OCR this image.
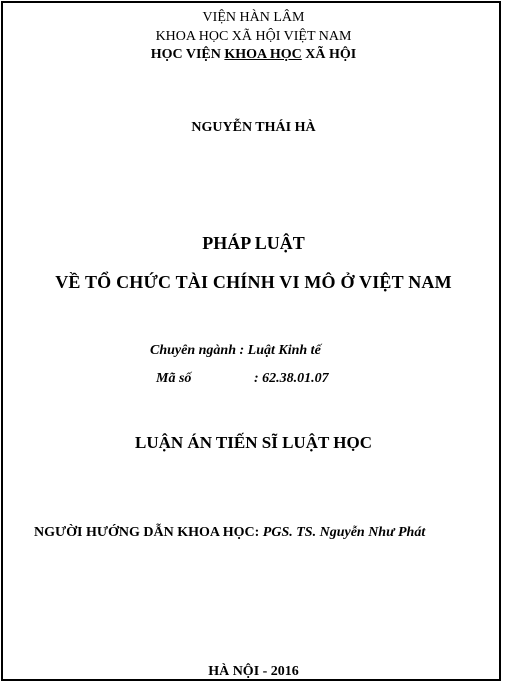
VIỆN HÀN LÂM

KHOA HỌC XÃ HỘI VIỆT NAM

HỌC VIỆN KHOA HỌC XÃ HỘI

NGUYỄN THÁI HÀ

PHÁP LUẬT

VỀ TỔ CHỨC TÀI CHÍNH VI MÔ Ở VIỆT NAM

Chuyên ngành : Luật Kinh tế
Mã số	: 62.38.01.07

LUẬN ÁN TIẾN SĨ LUẬT HỌC

NGƯỜI HƯỚNG DẪN KHOA HỌC: PGS. TS. Nguyễn Như Phát

HÀ NỘI - 2016
